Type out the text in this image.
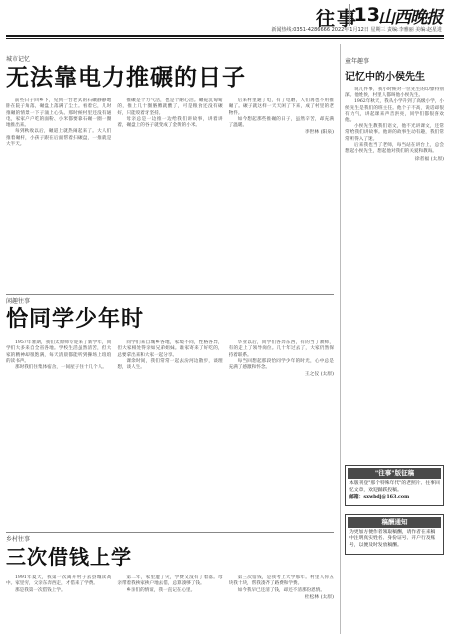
往事
13
山西晚报
新闻热线:0351-4286666 2022年1月12日 星期三 责编:李雅丽 美编:赵星进
城市记忆
无法靠电力推碾的日子

前些日子回乡下，见到一台老式的石碾静静地卧在院子角落，碾盘上落满了尘土。看着它，儿时推碾的情景一下子涌上心头。那时候村里还没有通电，家家户户吃的面粉、小米都要靠石碾一圈一圈地推出来。

每到秋收以后，碾道上就热闹起来了。大人们推着碾杆，小孩子跟在后面帮着扫碾盘，一推就是大半天。

推碾是个力气活，也是个耐心活。碾砣沉甸甸的，推上几十圈胳膊就酸了，可是粮食还没有碾好，只能咬着牙坚持。

母亲总是一边推一边给我们讲故事，讲着讲着，碾盘上的谷子就变成了金黄的小米。

后来村里通了电，有了电磨，人们再也不用推碾了。碾子就这样一天天闲了下来，成了村里的老物件。

如今想起那些推碾的日子，虽然辛苦，却充满了温暖。

李世林 (阳泉)
闲趣往事
恰同学少年时

1957年暑期，我们太原师专迎来了新学年，同学们大多来自全省各地。学校生活虽然清苦，但大家的精神却很饱满，每天清晨都能听到操场上琅琅的读书声。

那时我们住集体宿舍，一间屋子住十几个人。

同学们来自城乡各地，家境不同，性格各异，但大家相处得亲如兄弟姐妹。谁家寄来了好吃的，总要拿出来和大家一起分享。

课余时间，我们常常一起去汾河边散步，谈理想，谈人生。

毕业以后，同学们各奔东西，有的当了教师，有的走上了领导岗位。几十年过去了，大家仍然保持着联系。

每当回想起那段恰同学少年的时光，心中总是充满了感激和怀念。

王之仪 (太原)
乡村往事
三次借钱上学

1991年夏天，我第一次离开村子去县城读高中。家里穷，父亲东奔西走，才借来了学费。

那是我第一次借钱上学。

第二年，家里遭了灾，学费又没有了着落。母亲带着我挨家挨户地去借，总算凑够了钱。

乡亲们的情谊，我一直记在心里。

第三次借钱，是我考上大学那年。村里人你五块我十块，帮我凑齐了路费和学费。

如今我早已还清了钱，却还不清那份恩情。

杜松林 (太原)
童年趣事
记忆中的小侯先生

说几件事，我小时候对一位先生的印象特别深。他姓侯，村里人都叫他小侯先生。

1962年秋天，我从小学升到了高级小学，小侯先生是我们的班主任。他个子不高，说话却很有力气，讲起课来声音洪亮，同学们都很喜欢他。

小侯先生教我们语文，他不光讲课文，还常常给我们讲故事。他讲的故事生动有趣，我们常常听得入了迷。

后来我也当了老师，每当站在讲台上，总会想起小侯先生，想起他对我们的关爱和教诲。

徐者福 (太原)
"往事"版征稿

本版刊登"那个特殊年代"的老照片、往事回忆文章，欢迎踊跃投稿。

邮箱：sxwbdj@163.com

稿酬通知

为更加方便作者领取稿酬，请作者在来稿中注明真实姓名、身份证号、开户行及账号，以便及时发放稿酬。
